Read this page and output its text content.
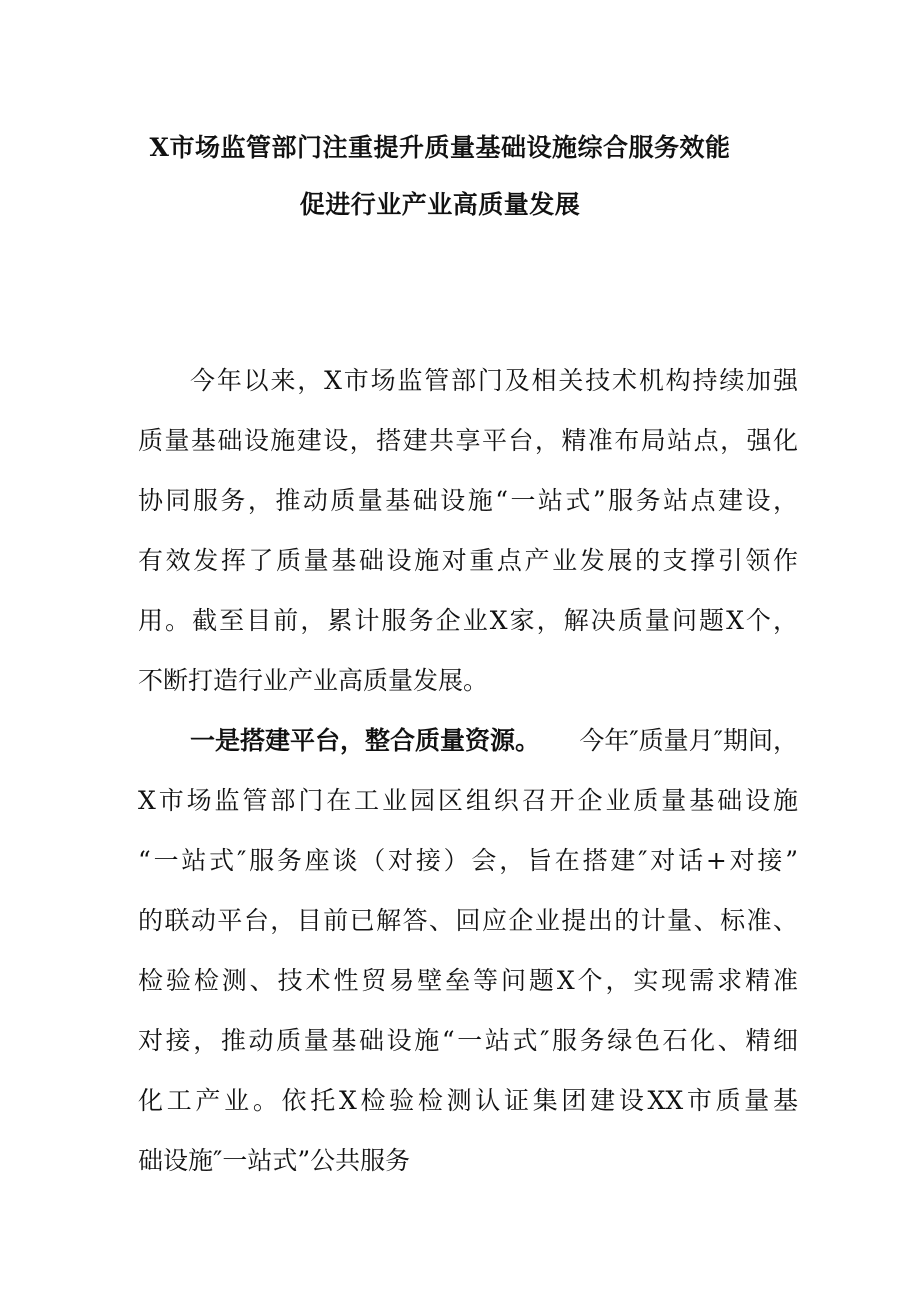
X市场监管部门注重提升质量基础设施综合服务效能
促进行业产业高质量发展
今年以来，X市场监管部门及相关技术机构持续加强
质量基础设施建设，搭建共享平台，精准布局站点，强化
协同服务，推动质量基础设施“一站式”服务站点建设，
有效发挥了质量基础设施对重点产业发展的支撑引领作
用。截至目前，累计服务企业X家，解决质量问题X个，
不断打造行业产业高质量发展。
一是搭建平台，整合质量资源。 今年″质量月″期间，
X市场监管部门在工业园区组织召开企业质量基础设施
“一站式″服务座谈（对接）会，旨在搭建″对话+对接”
的联动平台，目前已解答、回应企业提出的计量、标准、
检验检测、技术性贸易壁垒等问题X个，实现需求精准
对接，推动质量基础设施“一站式″服务绿色石化、精细
化工产业。依托X检验检测认证集团建设XX市质量基
础设施″一站式”公共服务
